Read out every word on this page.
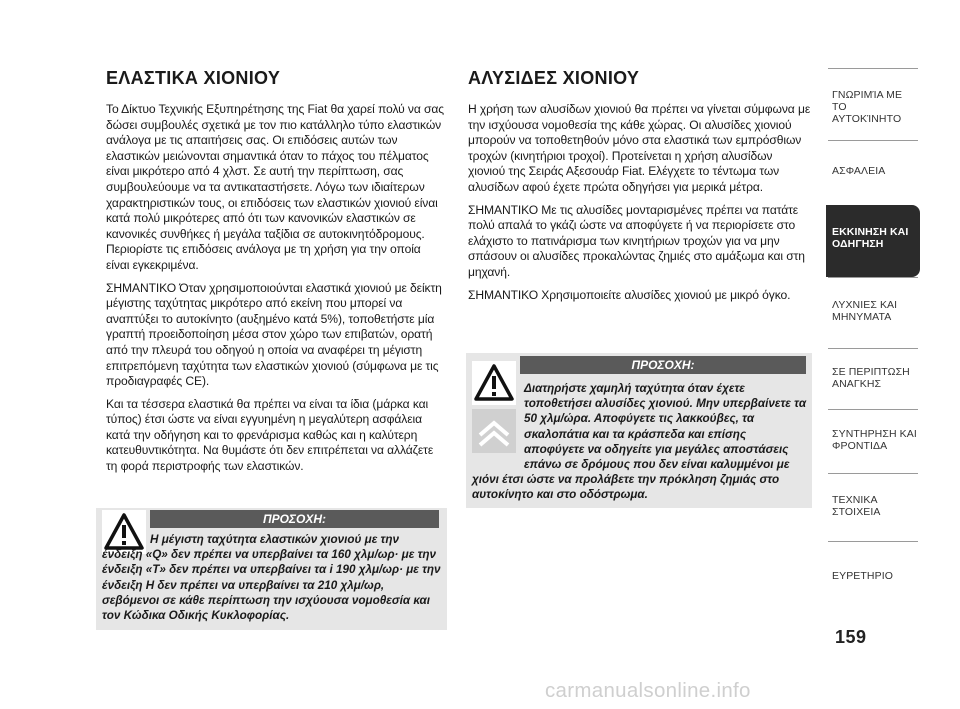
ΕΛΑΣΤΙΚΑ ΧΙΟΝΙΟΥ

Το Δίκτυο Τεχνικής Εξυπηρέτησης της Fiat θα χαρεί πολύ να σας δώσει συμβουλές σχετικά με τον πιο κατάλληλο τύπο ελαστικών ανάλογα με τις απαιτήσεις σας. Οι επιδόσεις αυτών των ελαστικών μειώνονται σημαντικά όταν το πάχος του πέλματος είναι μικρότερο από 4 χλστ. Σε αυτή την περίπτωση, σας συμβουλεύουμε να τα αντικαταστήσετε. Λόγω των ιδιαίτερων χαρακτηριστικών τους, οι επιδόσεις των ελαστικών χιονιού είναι κατά πολύ μικρότερες από ότι των κανονικών ελαστικών σε κανονικές συνθήκες ή μεγάλα ταξίδια σε αυτοκινητόδρομους. Περιορίστε τις επιδόσεις ανάλογα με τη χρήση για την οποία είναι εγκεκριμένα.

ΣΗΜΑΝΤΙΚΟ Όταν χρησιμοποιούνται ελαστικά χιονιού με δείκτη μέγιστης ταχύτητας μικρότερο από εκείνη που μπορεί να αναπτύξει το αυτοκίνητο (αυξημένο κατά 5%), τοποθετήστε μία γραπτή προειδοποίηση μέσα στον χώρο των επιβατών, ορατή από την πλευρά του οδηγού η οποία να αναφέρει τη μέγιστη επιτρεπόμενη ταχύτητα των ελαστικών χιονιού (σύμφωνα με τις προδιαγραφές CE).

Και τα τέσσερα ελαστικά θα πρέπει να είναι τα ίδια (μάρκα και τύπος) έτσι ώστε να είναι εγγυημένη η μεγαλύτερη ασφάλεια κατά την οδήγηση και το φρενάρισμα καθώς και η καλύτερη κατευθυντικότητα. Να θυμάστε ότι δεν επιτρέπεται να αλλάζετε τη φορά περιστροφής των ελαστικών.

ΠΡΟΣΟΧΗ:
Η μέγιστη ταχύτητα ελαστικών χιονιού με την ένδειξη «Q» δεν πρέπει να υπερβαίνει τα 160 χλμ/ωρ· με την ένδειξη «T» δεν πρέπει να υπερβαίνει τα i 190 χλμ/ωρ· με την ένδειξη H δεν πρέπει να υπερβαίνει τα 210 χλμ/ωρ, σεβόμενοι σε κάθε περίπτωση την ισχύουσα νομοθεσία και τον Κώδικα Οδικής Κυκλοφορίας.
ΑΛΥΣΙΔΕΣ ΧΙΟΝΙΟΥ

Η χρήση των αλυσίδων χιονιού θα πρέπει να γίνεται σύμφωνα με την ισχύουσα νομοθεσία της κάθε χώρας. Οι αλυσίδες χιονιού μπορούν να τοποθετηθούν μόνο στα ελαστικά των εμπρόσθιων τροχών (κινητήριοι τροχοί). Προτείνεται η χρήση αλυσίδων χιονιού της Σειράς Αξεσουάρ Fiat. Ελέγχετε το τέντωμα των αλυσίδων αφού έχετε πρώτα οδηγήσει για μερικά μέτρα.

ΣΗΜΑΝΤΙΚΟ Με τις αλυσίδες μονταρισμένες πρέπει να πατάτε πολύ απαλά το γκάζι ώστε να αποφύγετε ή να περιορίσετε στο ελάχιστο το πατινάρισμα των κινητήριων τροχών για να μην σπάσουν οι αλυσίδες προκαλώντας ζημιές στο αμάξωμα και στη μηχανή.

ΣΗΜΑΝΤΙΚΟ Χρησιμοποιείτε αλυσίδες χιονιού με μικρό όγκο.

ΠΡΟΣΟΧΗ:
Διατηρήστε χαμηλή ταχύτητα όταν έχετε τοποθετήσει αλυσίδες χιονιού. Μην υπερβαίνετε τα 50 χλμ/ώρα. Αποφύγετε τις λακκούβες, τα σκαλοπάτια και τα κράσπεδα και επίσης αποφύγετε να οδηγείτε για μεγάλες αποστάσεις επάνω σε δρόμους που δεν είναι καλυμμένοι με
χιόνι έτσι ώστε να προλάβετε την πρόκληση ζημιάς στο αυτοκίνητο και στο οδόστρωμα.
ΓΝΩΡΙΜΊΑ ΜΕ ΤΟ ΑΥΤΟΚΊΝΗΤΟ
ΑΣΦΑΛΕΙΑ
ΕΚΚΙΝΗΣΗ ΚΑΙ ΟΔΗΓΗΣΗ
ΛΥΧΝΙΕΣ ΚΑΙ ΜΗΝΥΜΑΤΑ
ΣΕ ΠΕΡΙΠΤΩΣΗ ΑΝΑΓΚΗΣ
ΣΥΝΤΗΡΗΣΗ ΚΑΙ ΦΡΟΝΤΙΔΑ
ΤΕΧΝΙΚΑ ΣΤΟΙΧΕΙΑ
ΕΥΡΕΤΗΡΙΟ
159
carmanualsonline.info
